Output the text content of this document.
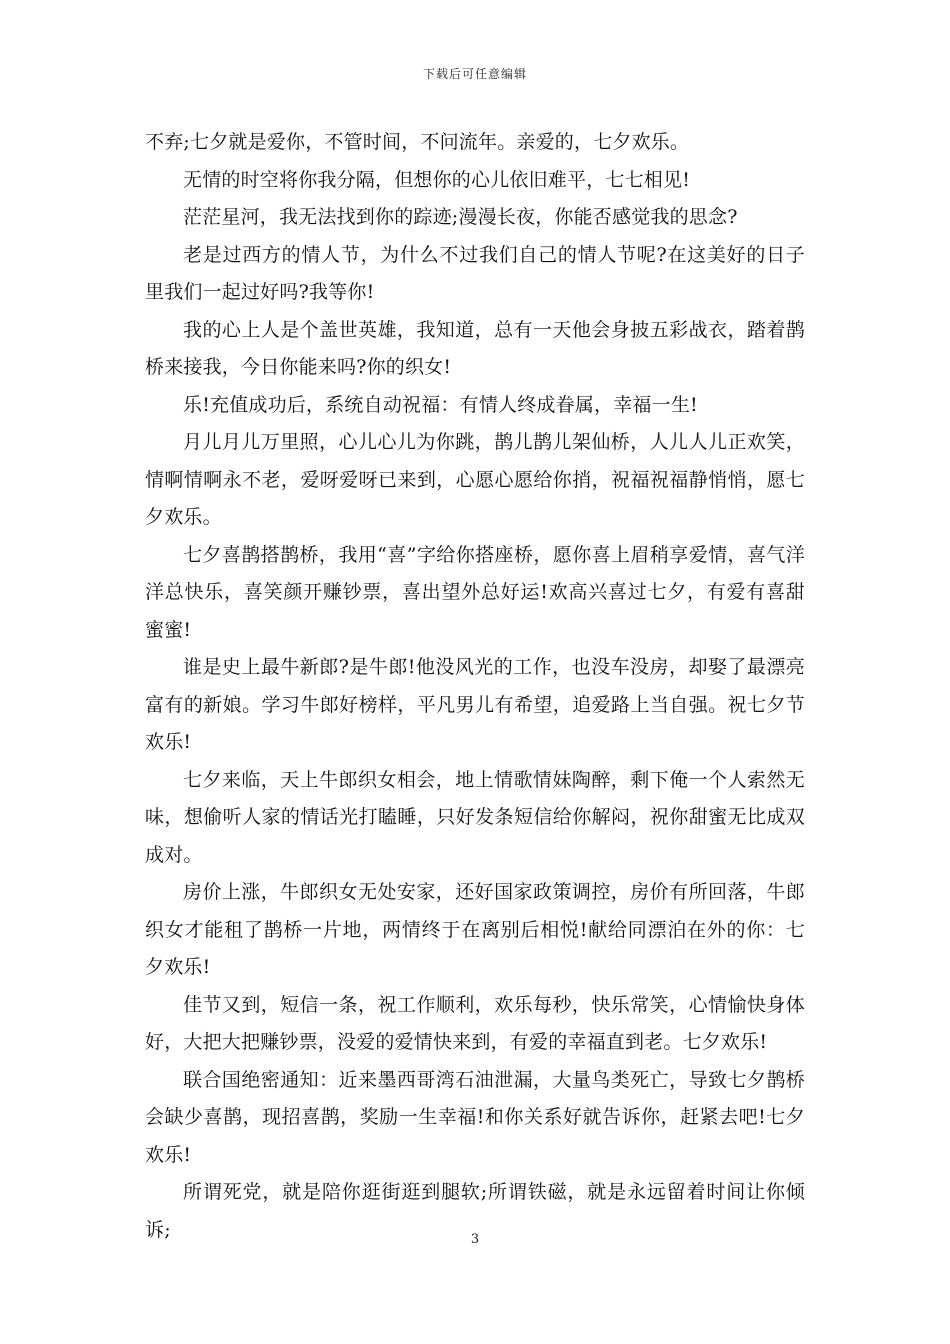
下载后可任意编辑

不弃;七夕就是爱你，不管时间，不问流年。亲爱的，七夕欢乐。

无情的时空将你我分隔，但想你的心儿依旧难平，七七相见!

茫茫星河，我无法找到你的踪迹;漫漫长夜，你能否感觉我的思念?

老是过西方的情人节，为什么不过我们自己的情人节呢?在这美好的日子里我们一起过好吗?我等你!

我的心上人是个盖世英雄，我知道，总有一天他会身披五彩战衣，踏着鹊桥来接我，今日你能来吗?你的织女!

乐!充值成功后，系统自动祝福：有情人终成眷属，幸福一生!

月儿月儿万里照，心儿心儿为你跳，鹊儿鹊儿架仙桥，人儿人儿正欢笑，情啊情啊永不老，爱呀爱呀已来到，心愿心愿给你捎，祝福祝福静悄悄，愿七夕欢乐。

七夕喜鹊搭鹊桥，我用“喜”字给你搭座桥，愿你喜上眉稍享爱情，喜气洋洋总快乐，喜笑颜开赚钞票，喜出望外总好运!欢高兴喜过七夕，有爱有喜甜蜜蜜!

谁是史上最牛新郎?是牛郎!他没风光的工作，也没车没房，却娶了最漂亮富有的新娘。学习牛郎好榜样，平凡男儿有希望，追爱路上当自强。祝七夕节欢乐!

七夕来临，天上牛郎织女相会，地上情歌情妹陶醉，剩下俺一个人索然无味，想偷听人家的情话光打瞌睡，只好发条短信给你解闷，祝你甜蜜无比成双成对。

房价上涨，牛郎织女无处安家，还好国家政策调控，房价有所回落，牛郎织女才能租了鹊桥一片地，两情终于在离别后相悦!献给同漂泊在外的你：七夕欢乐!

佳节又到，短信一条，祝工作顺利，欢乐每秒，快乐常笑，心情愉快身体好，大把大把赚钞票，没爱的爱情快来到，有爱的幸福直到老。七夕欢乐!

联合国绝密通知：近来墨西哥湾石油泄漏，大量鸟类死亡，导致七夕鹊桥会缺少喜鹊，现招喜鹊，奖励一生幸福!和你关系好就告诉你，赶紧去吧!七夕欢乐!

所谓死党，就是陪你逛街逛到腿软;所谓铁磁，就是永远留着时间让你倾诉;	3
